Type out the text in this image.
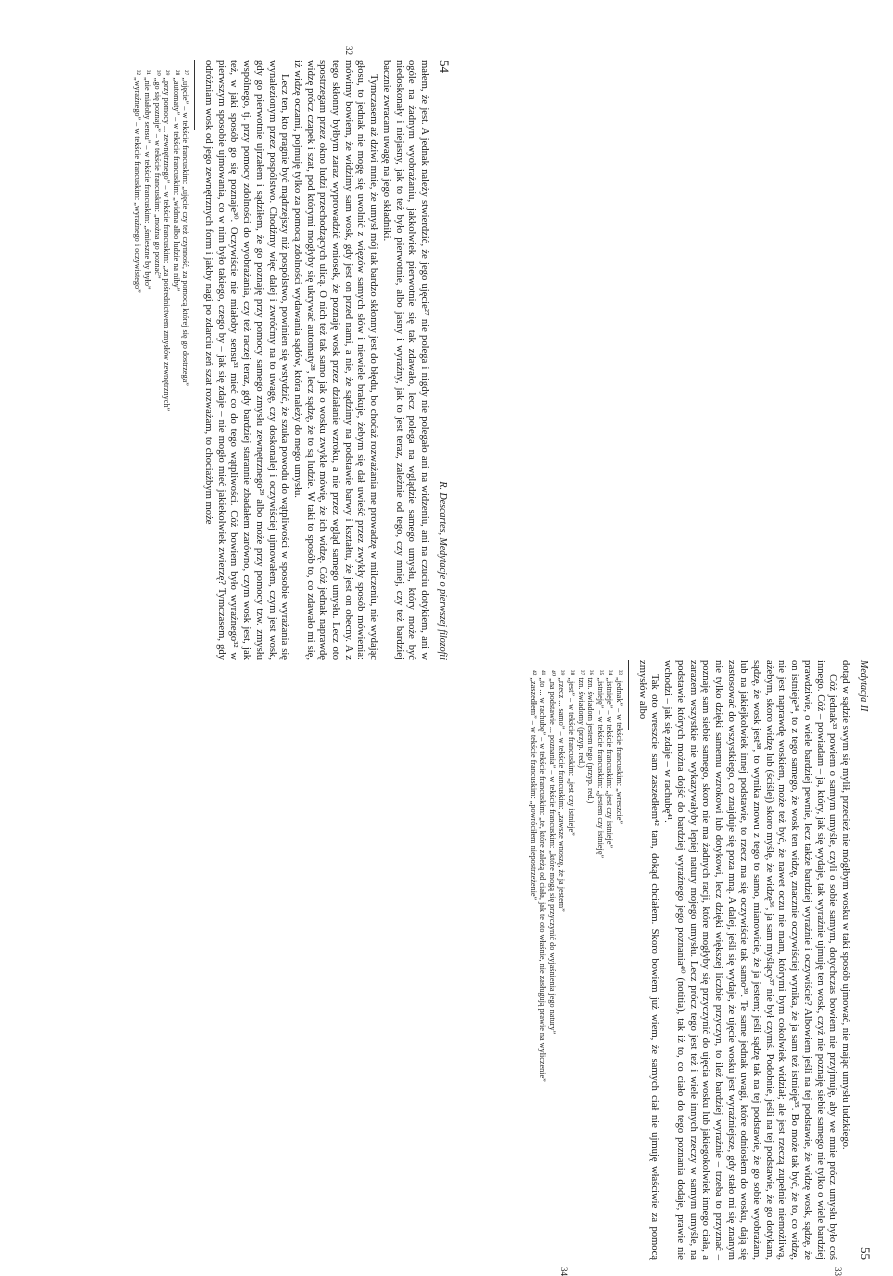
54
R. Descartes, Medytacje o pierwszej filozofii
32

małem, że jest. A jednak należy stwierdzić, że jego ujęcie²⁷ nie polega i nigdy nie polegało ani na widzeniu, ani na czuciu dotykiem, ani w ogóle na żadnym wyobrażaniu, jakkolwiek pierwotnie się tak zdawało, lecz polega na wglądzie samego umysłu, który może być niedoskonały i niejasny, jak to też było pierwotnie, albo jasny i wyraźny, jak to jest teraz, zależnie od tego, czy mniej, czy też bardziej bacznie zwracam uwagę na jego składniki.

Tymczasem aż dziwi mnie, że umysł mój tak bardzo skłonny jest do błędu, bo choćaż rozważania me prowadzę w milczeniu, nie wydając głosu, to jednak nie mogę się uwolnić z więzów samych słów i niewiele brakuje, żebym się dał uwieść przez zwykły sposób mówienia: mówimy bowiem, że widzimy sam wosk, gdy jest on przed nami, a nie, że sądzimy na podstawie barwy i kształtu, że jest on obecny. A z tego skłonny byłbym zaraz wyprowadzić wniosek, że poznaję wosk przez działanie wzroku, a nie przez wgląd samego umysłu. Lecz oto spostrzegam przez okno ludzi przechodzących ulicą. O nich też tak samo jak o wosku zwykle mówię, że ich widzę. Cóż jednak naprawdę widzę prócz czapek i szat, pod którymi mogłyby się ukrywać automaty²⁸, lecz sądzę, że to są ludzie. W taki to sposób to, co zdawało mi się, iż widzę oczami, pojmuję tylko za pomocą zdolności wydawania sądów, która należy do mego umysłu.

Lecz ten, kto pragnie być mądrzejszy niż pospólstwo, powinien się wstydzić, że szuka powodu do wątpliwości w sposobie wyrażania się wynalezionym przez pospólstwo. Chodźmy więc dalej i zwróćmy na to uwagę, czy doskonalej i oczywiściej ujmowałem, czym jest wosk, gdy go pierwotnie ujrzałem i sądziłem, że go poznaję przy pomocy samego zmysłu zewnętrznego²⁹ albo może przy pomocy tzw. zmysłu wspólnego, tj. przy pomocy zdolności do wyobrażania, czy też raczej teraz, gdy bardziej starannie zbadałem zarówno, czym wosk jest, jak też, w jaki sposób go się poznaje³⁰. Oczywiście nie miałoby sensu³¹ mieć co do tego wątpliwości. Cóż bowiem było wyraźnego³² w pierwszym sposobie ujmowania, co w nim było takiego, czego by – jak się zdaje – nie mogło mieć jakiekolwiek zwierzę? Tymczasem, gdy odróżniam wosk od jego zewnętrznych form i jakby nagi po zdarciu zeń szat rozważam, to chociażbym może

²⁷ „ujęcie” – w tekście francuskim: „ujęcie czy też czynność, za pomocą której się go dostrzega”
²⁸ „automaty” – w tekście francuskim: „widma albo ludzie na niby”
²⁹ „przy pomocy ... zewnętrznego” – w tekście francuskim: „za pośrednictwem zmysłów zewnętrznych”
³⁰ „go się poznaje” – w tekście francuskim: „można go poznać”
³¹ „nie miałoby sensu” – w tekście francuskim: „śmieszne by było”
³² „wyraźnego” – w tekście francuskim: „wyraźnego i oczywistego”
Medytacja II
55
33
34

dotąd w sądzie swym się mylił, przecież nie mógłbym wosku w taki sposób ujmować, nie mając umysłu ludzkiego.

Cóż jednak³³ powiem o samym umyśle, czyli o sobie samym, dotychczas bowiem nie przyjmuję, aby we mnie prócz umysłu było coś innego. Cóż – powiadam – ja, który, jak się wydaje, tak wyraźnie ujmuję ten wosk, czyż nie poznaję siebie samego nie tylko o wiele bardziej prawdziwie, o wiele bardziej pewnie, lecz także bardziej wyraźnie i oczywiście? Albowiem jeśli na tej podstawie, że widzę wosk, sądzę, że on istnieje³⁴, to z tego samego, że wosk ten widzę, znacznie oczywiściej wynika, że ja sam też istnieję³⁵. Bo może tak być, że to, co widzę, nie jest naprawdę woskiem, może też być, że nawet oczu nie mam, którymi bym cokolwiek widział; ale jest rzeczą zupełnie niemożliwą, ażebym, skoro widzę lub (ściślej) skoro myślę, że widzę³⁶, ja sam myślący³⁷ nie był czymś. Podobnie, jeśli na tej podstawie, że go dotykam, sądzę, że wosk jest³⁸, to wynika znowu z tego to samo, mianowicie, że ja jestem; jeśli sądzę tak na tej podstawie, że go sobie wyobrażam, lub na jakiejkolwiek innej podstawie, to rzecz ma się oczywiście tak samo³⁹. Te same jednak uwagi, które odniosłem do wosku, dają się zastosować do wszystkiego, co znajduje się poza mną. A dalej, jeśli się wydaje, że ujęcie wosku jest wyraźniejsze, gdy stało mi się znanym nie tylko dzięki samemu wzrokowi lub dotykowi, lecz dzięki większej liczbie przyczyn, to ileż bardziej wyraźnie – trzeba to przyznać – poznaję sam siebie samego, skoro nie ma żadnych racji, które mogłyby się przyczynić do ujęcia wosku lub jakiegokolwiek innego ciała, a zarazem wszystkie nie wykazywałyby lepiej natury mojego umysłu. Lecz prócz tego jest też i wiele innych rzeczy w samym umyśle, na podstawie których można dojść do bardziej wyraźnego jego poznania⁴⁰ (notitia), tak iż to, co ciało do tego poznania dodaje, prawie nie wchodzi – jak się zdaje – w rachubę⁴¹.

Tak oto wreszcie sam zaszedłem⁴² tam, dokąd chciałem. Skoro bowiem już wiem, że samych ciał nie ujmuję właściwie za pomocą zmysłów albo

³³ „jednak” – w tekście francuskim: „wreszcie”
³⁴ „istnieje” – w tekście francuskim: „jest czy istnieje”
³⁵ „istnieję” – w tekście francuskim: „jestem czy istnieję”
³⁶ tzn. świadom jestem tego (przyp. red.)
³⁷ tzn. świadomy (przyp. red.)
³⁸ „jest” – w tekście francuskim: „jest czy istnieje”
³⁹ „rzecz ... samo” – w tekście francuskim: „zawsze wnoszę, że ja jestem”
⁴⁰ „na podstawie ... poznania” – w tekście francuskim: „które mogą się przyczynić do wyjaśnienia jego natury”
⁴¹ „to ... w rachubę” – w tekście francuskim: „te, które zależą od ciała, jak te oto właśnie, nie zasługują prawie na wyliczenie”
⁴² „zaszedłem” – w tekście francuskim: „powróciłem niepostrzeżenie”
